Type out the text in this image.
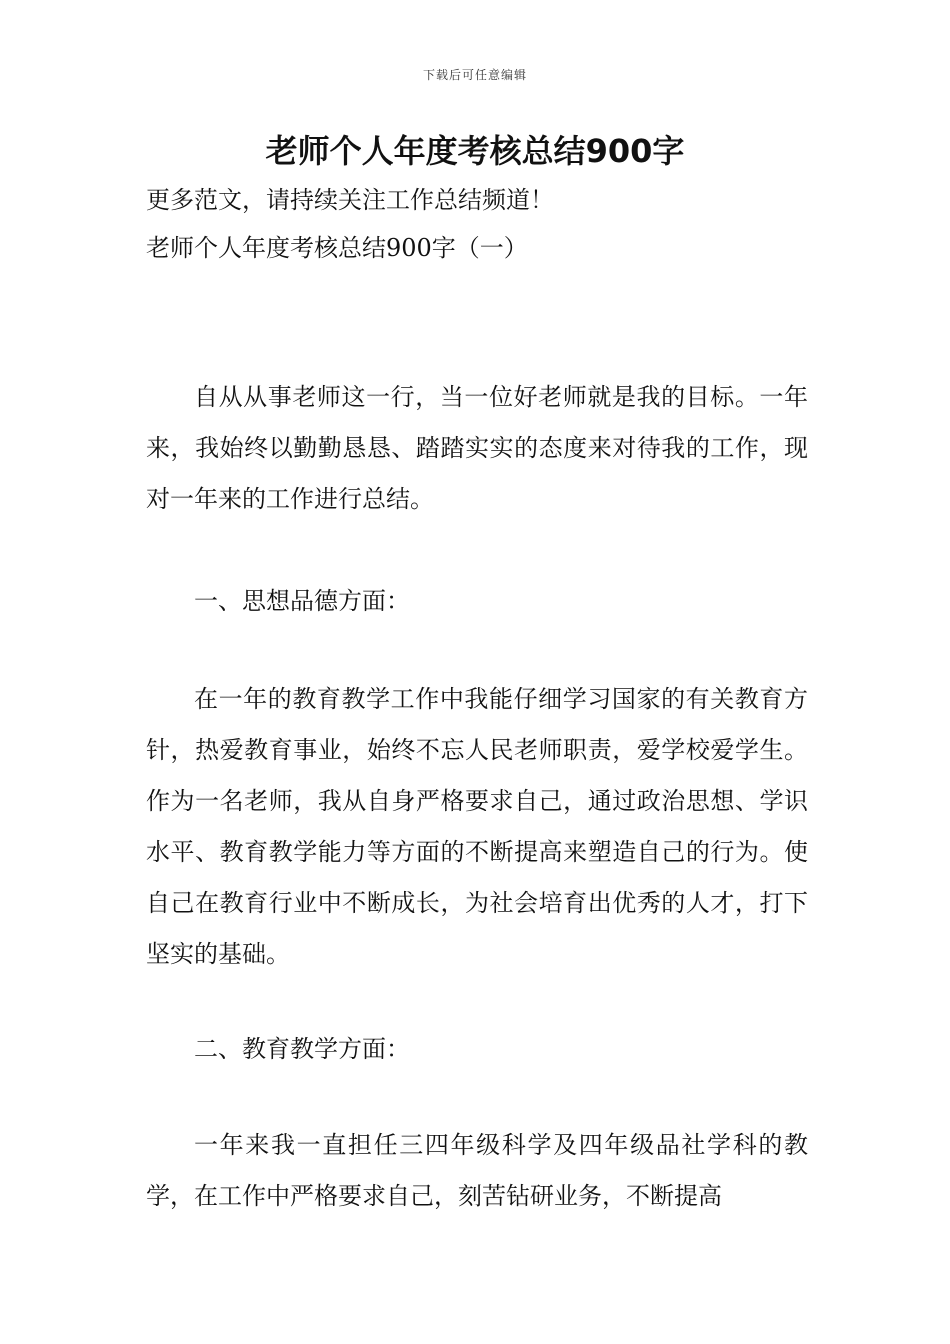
下载后可任意编辑
老师个人年度考核总结900字

更多范文，请持续关注工作总结频道！

老师个人年度考核总结900字（一）

自从从事老师这一行，当一位好老师就是我的目标。一年来，我始终以勤勤恳恳、踏踏实实的态度来对待我的工作，现对一年来的工作进行总结。

一、思想品德方面：

在一年的教育教学工作中我能仔细学习国家的有关教育方针，热爱教育事业，始终不忘人民老师职责，爱学校爱学生。作为一名老师，我从自身严格要求自己，通过政治思想、学识水平、教育教学能力等方面的不断提高来塑造自己的行为。使自己在教育行业中不断成长，为社会培育出优秀的人才，打下坚实的基础。

二、教育教学方面：

一年来我一直担任三四年级科学及四年级品社学科的教学，在工作中严格要求自己，刻苦钻研业务，不断提高
